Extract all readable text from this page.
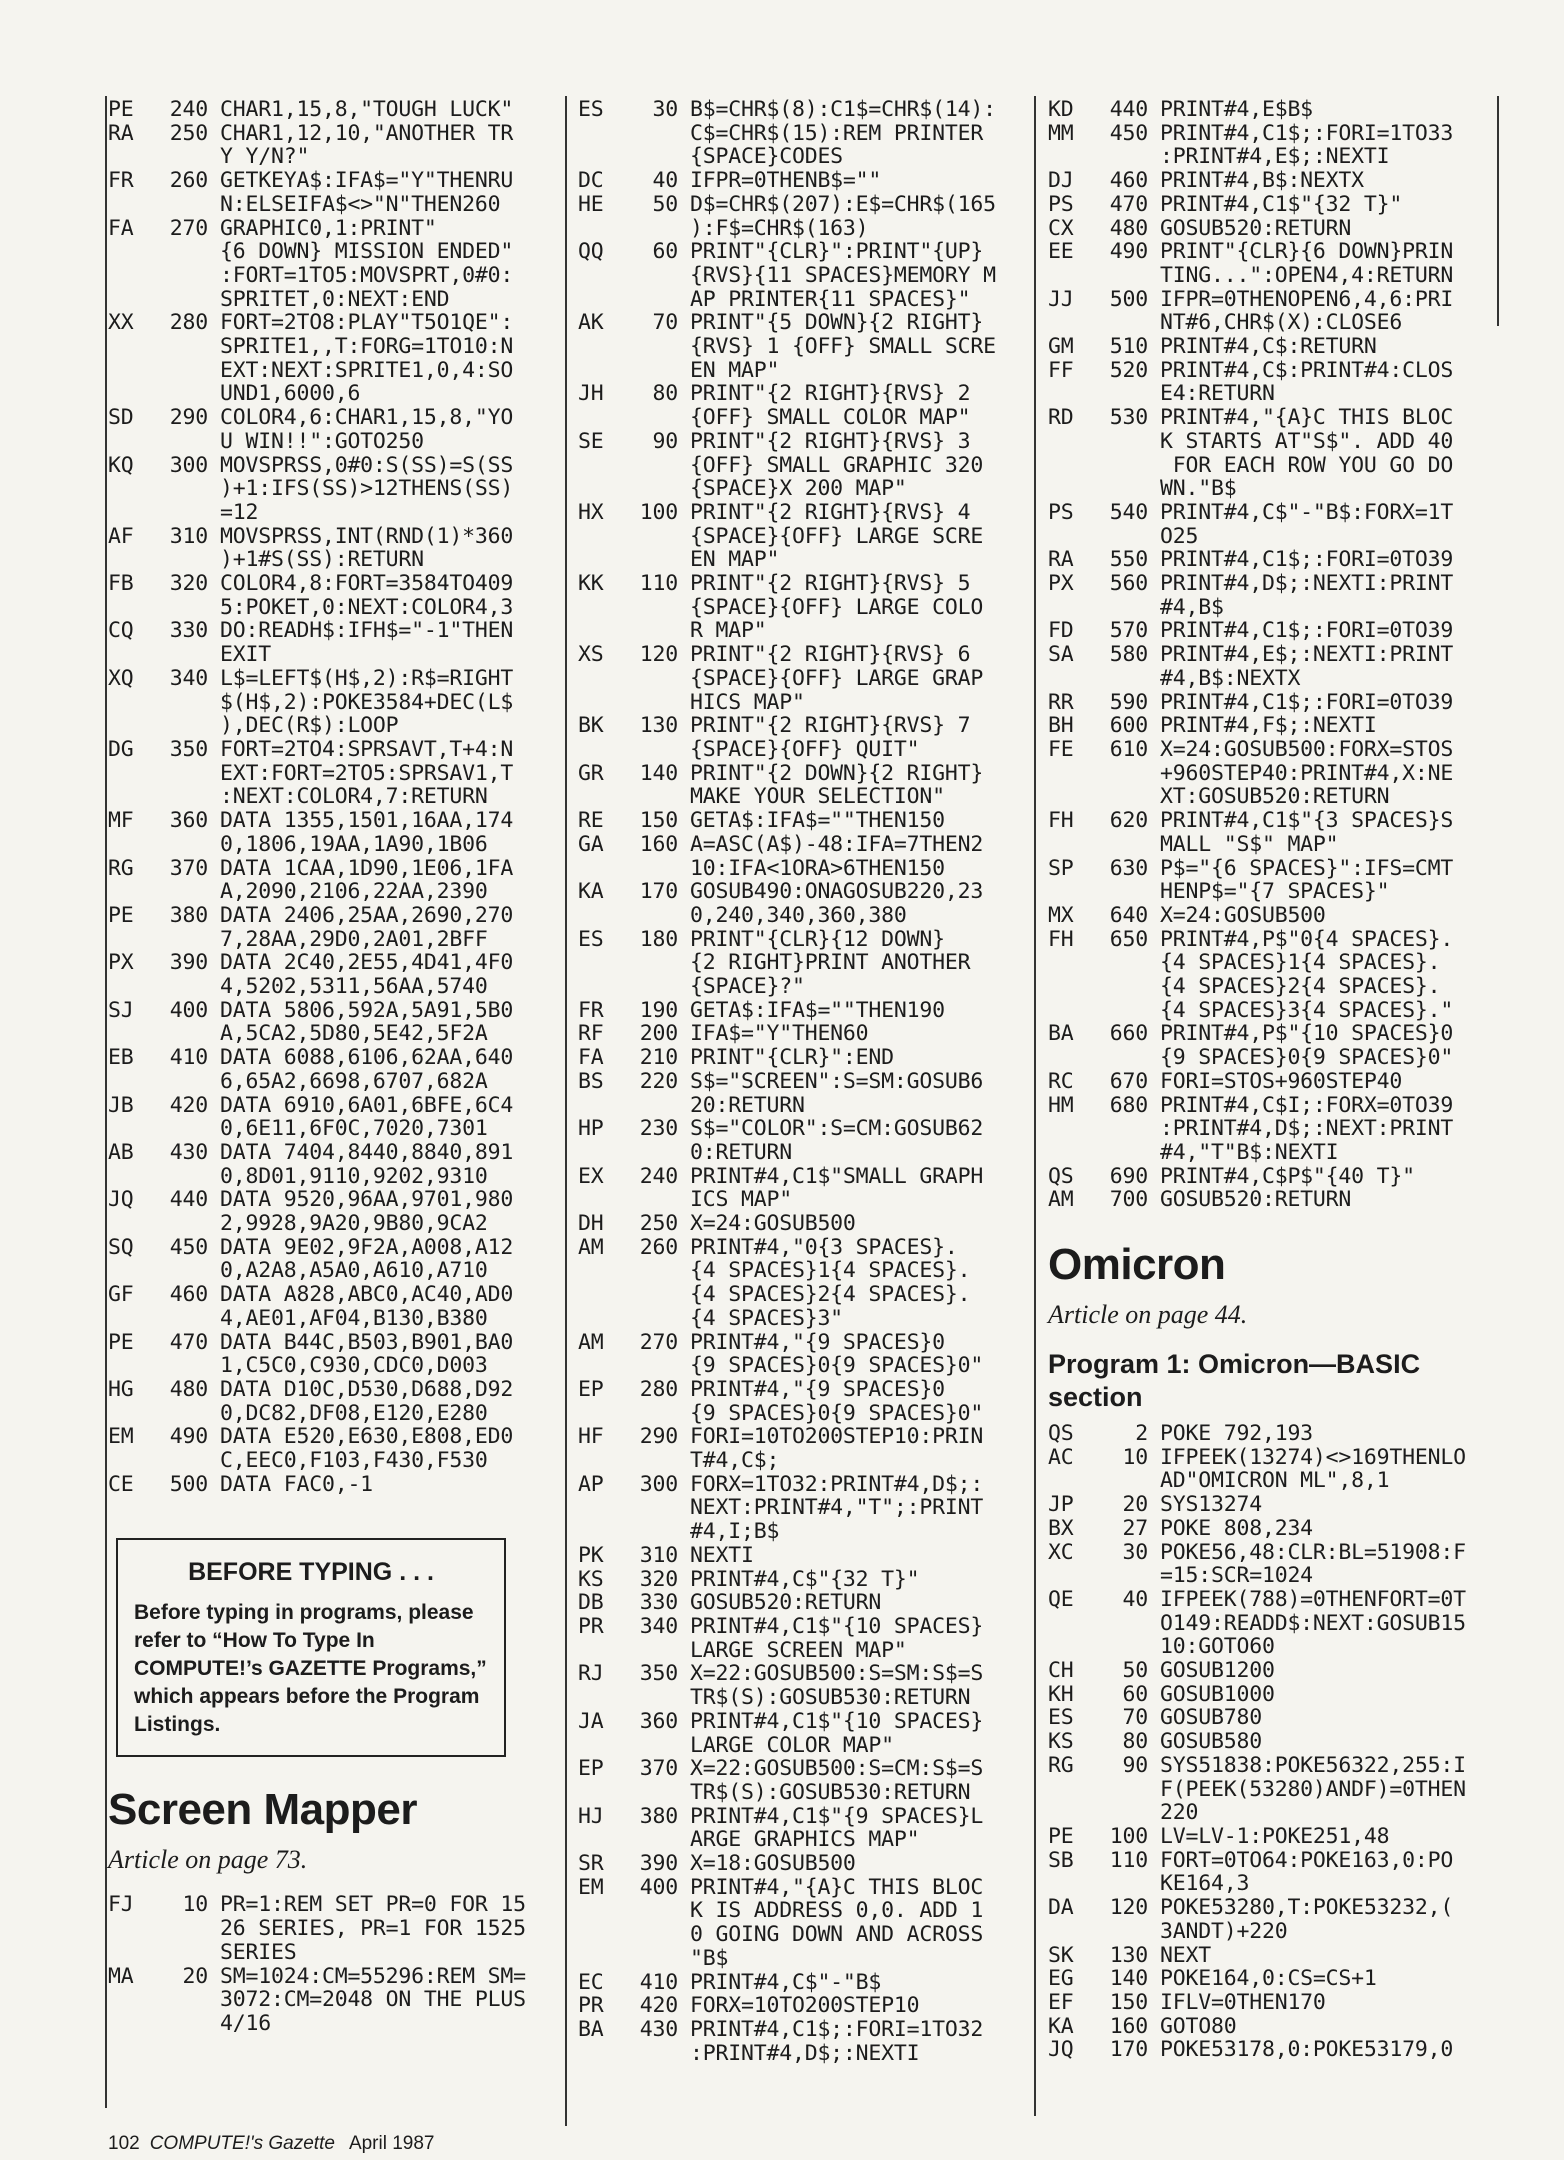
PE 240 CHAR1,15,8,"TOUGH LUCK"
RA 250 CHAR1,12,10,"ANOTHER TR
Y Y/N?"
FR 260 GETKEYA$:IFA$="Y"THENRU
N:ELSEIFA$<>"N"THEN260
FA 270 GRAPHIC0,1:PRINT"
{6 DOWN} MISSION ENDED"
:FORT=1TO5:MOVSPRT,0#0:
SPRITET,0:NEXT:END
XX 280 FORT=2TO8:PLAY"T5O1QE":
SPRITE1,,T:FORG=1TO10:N
EXT:NEXT:SPRITE1,0,4:SO
UND1,6000,6
SD 290 COLOR4,6:CHAR1,15,8,"YO
U WIN!!":GOTO250
KQ 300 MOVSPRSS,0#0:S(SS)=S(SS
)+1:IFS(SS)>12THENS(SS)
=12
AF 310 MOVSPRSS,INT(RND(1)*360
)+1#S(SS):RETURN
FB 320 COLOR4,8:FORT=3584TO409
5:POKET,0:NEXT:COLOR4,3
CQ 330 DO:READH$:IFH$="-1"THEN
EXIT
XQ 340 L$=LEFT$(H$,2):R$=RIGHT
$(H$,2):POKE3584+DEC(L$
),DEC(R$):LOOP
DG 350 FORT=2TO4:SPRSAVT,T+4:N
EXT:FORT=2TO5:SPRSAV1,T
:NEXT:COLOR4,7:RETURN
MF 360 DATA 1355,1501,16AA,174
0,1806,19AA,1A90,1B06
RG 370 DATA 1CAA,1D90,1E06,1FA
A,2090,2106,22AA,2390
PE 380 DATA 2406,25AA,2690,270
7,28AA,29D0,2A01,2BFF
PX 390 DATA 2C40,2E55,4D41,4F0
4,5202,5311,56AA,5740
SJ 400 DATA 5806,592A,5A91,5B0
A,5CA2,5D80,5E42,5F2A
EB 410 DATA 6088,6106,62AA,640
6,65A2,6698,6707,682A
JB 420 DATA 6910,6A01,6BFE,6C4
0,6E11,6F0C,7020,7301
AB 430 DATA 7404,8440,8840,891
0,8D01,9110,9202,9310
JQ 440 DATA 9520,96AA,9701,980
2,9928,9A20,9B80,9CA2
SQ 450 DATA 9E02,9F2A,A008,A12
0,A2A8,A5A0,A610,A710
GF 460 DATA A828,ABC0,AC40,AD0
4,AE01,AF04,B130,B380
PE 470 DATA B44C,B503,B901,BA0
1,C5C0,C930,CDC0,D003
HG 480 DATA D10C,D530,D688,D92
0,DC82,DF08,E120,E280
EM 490 DATA E520,E630,E808,ED0
C,EEC0,F103,F430,F530
CE 500 DATA FAC0,-1
BEFORE TYPING . . .
Before typing in programs, please refer to “How To Type In COMPUTE!’s GAZETTE Programs,” which appears before the Program Listings.
Screen Mapper
Article on page 73.
FJ 10 PR=1:REM SET PR=0 FOR 15
26 SERIES, PR=1 FOR 1525
SERIES
MA 20 SM=1024:CM=55296:REM SM=
3072:CM=2048 ON THE PLUS
4/16
ES 30 B$=CHR$(8):C1$=CHR$(14):
C$=CHR$(15):REM PRINTER
{SPACE}CODES
DC 40 IFPR=0THENB$=""
HE 50 D$=CHR$(207):E$=CHR$(165
):F$=CHR$(163)
QQ 60 PRINT"{CLR}":PRINT"{UP}
{RVS}{11 SPACES}MEMORY M
AP PRINTER{11 SPACES}"
AK 70 PRINT"{5 DOWN}{2 RIGHT}
{RVS} 1 {OFF} SMALL SCRE
EN MAP"
JH 80 PRINT"{2 RIGHT}{RVS} 2
{OFF} SMALL COLOR MAP"
SE 90 PRINT"{2 RIGHT}{RVS} 3
{OFF} SMALL GRAPHIC 320
{SPACE}X 200 MAP"
HX 100 PRINT"{2 RIGHT}{RVS} 4
{SPACE}{OFF} LARGE SCRE
EN MAP"
KK 110 PRINT"{2 RIGHT}{RVS} 5
{SPACE}{OFF} LARGE COLO
R MAP"
XS 120 PRINT"{2 RIGHT}{RVS} 6
{SPACE}{OFF} LARGE GRAP
HICS MAP"
BK 130 PRINT"{2 RIGHT}{RVS} 7
{SPACE}{OFF} QUIT"
GR 140 PRINT"{2 DOWN}{2 RIGHT}
MAKE YOUR SELECTION"
RE 150 GETA$:IFA$=""THEN150
GA 160 A=ASC(A$)-48:IFA=7THEN2
10:IFA<1ORA>6THEN150
KA 170 GOSUB490:ONAGOSUB220,23
0,240,340,360,380
ES 180 PRINT"{CLR}{12 DOWN}
{2 RIGHT}PRINT ANOTHER
{SPACE}?"
FR 190 GETA$:IFA$=""THEN190
RF 200 IFA$="Y"THEN60
FA 210 PRINT"{CLR}":END
BS 220 S$="SCREEN":S=SM:GOSUB6
20:RETURN
HP 230 S$="COLOR":S=CM:GOSUB62
0:RETURN
EX 240 PRINT#4,C1$"SMALL GRAPH
ICS MAP"
DH 250 X=24:GOSUB500
AM 260 PRINT#4,"0{3 SPACES}.
{4 SPACES}1{4 SPACES}.
{4 SPACES}2{4 SPACES}.
{4 SPACES}3"
AM 270 PRINT#4,"{9 SPACES}0
{9 SPACES}0{9 SPACES}0"
EP 280 PRINT#4,"{9 SPACES}0
{9 SPACES}0{9 SPACES}0"
HF 290 FORI=10TO200STEP10:PRIN
T#4,C$;
AP 300 FORX=1TO32:PRINT#4,D$;:
NEXT:PRINT#4,"T";:PRINT
#4,I;B$
PK 310 NEXTI
KS 320 PRINT#4,C$"{32 T}"
DB 330 GOSUB520:RETURN
PR 340 PRINT#4,C1$"{10 SPACES}
LARGE SCREEN MAP"
RJ 350 X=22:GOSUB500:S=SM:S$=S
TR$(S):GOSUB530:RETURN
JA 360 PRINT#4,C1$"{10 SPACES}
LARGE COLOR MAP"
EP 370 X=22:GOSUB500:S=CM:S$=S
TR$(S):GOSUB530:RETURN
HJ 380 PRINT#4,C1$"{9 SPACES}L
ARGE GRAPHICS MAP"
SR 390 X=18:GOSUB500
EM 400 PRINT#4,"{A}C THIS BLOC
K IS ADDRESS 0,0. ADD 1
0 GOING DOWN AND ACROSS
"B$
EC 410 PRINT#4,C$"-"B$
PR 420 FORX=10TO200STEP10
BA 430 PRINT#4,C1$;:FORI=1TO32
:PRINT#4,D$;:NEXTI
KD 440 PRINT#4,E$B$
MM 450 PRINT#4,C1$;:FORI=1TO33
:PRINT#4,E$;:NEXTI
DJ 460 PRINT#4,B$:NEXTX
PS 470 PRINT#4,C1$"{32 T}"
CX 480 GOSUB520:RETURN
EE 490 PRINT"{CLR}{6 DOWN}PRIN
TING...":OPEN4,4:RETURN
JJ 500 IFPR=0THENOPEN6,4,6:PRI
NT#6,CHR$(X):CLOSE6
GM 510 PRINT#4,C$:RETURN
FF 520 PRINT#4,C$:PRINT#4:CLOS
E4:RETURN
RD 530 PRINT#4,"{A}C THIS BLOC
K STARTS AT"S$". ADD 40
FOR EACH ROW YOU GO DO
WN."B$
PS 540 PRINT#4,C$"-"B$:FORX=1T
O25
RA 550 PRINT#4,C1$;:FORI=0TO39
PX 560 PRINT#4,D$;:NEXTI:PRINT
#4,B$
FD 570 PRINT#4,C1$;:FORI=0TO39
SA 580 PRINT#4,E$;:NEXTI:PRINT
#4,B$:NEXTX
RR 590 PRINT#4,C1$;:FORI=0TO39
BH 600 PRINT#4,F$;:NEXTI
FE 610 X=24:GOSUB500:FORX=STOS
+960STEP40:PRINT#4,X:NE
XT:GOSUB520:RETURN
FH 620 PRINT#4,C1$"{3 SPACES}S
MALL "S$" MAP"
SP 630 P$="{6 SPACES}":IFS=CMT
HENP$="{7 SPACES}"
MX 640 X=24:GOSUB500
FH 650 PRINT#4,P$"0{4 SPACES}.
{4 SPACES}1{4 SPACES}.
{4 SPACES}2{4 SPACES}.
{4 SPACES}3{4 SPACES}."
BA 660 PRINT#4,P$"{10 SPACES}0
{9 SPACES}0{9 SPACES}0"
RC 670 FORI=STOS+960STEP40
HM 680 PRINT#4,C$I;:FORX=0TO39
:PRINT#4,D$;:NEXT:PRINT
#4,"T"B$:NEXTI
QS 690 PRINT#4,C$P$"{40 T}"
AM 700 GOSUB520:RETURN
Omicron
Article on page 44.
Program 1: Omicron—BASIC section
QS	2 POKE 792,193
AC 10 IFPEEK(13274)<>169THENLO
AD"OMICRON ML",8,1
JP 20 SYS13274
BX 27 POKE 808,234
XC 30 POKE56,48:CLR:BL=51908:F
=15:SCR=1024
QE 40 IFPEEK(788)=0THENFORT=0T
O149:READD$:NEXT:GOSUB15
10:GOTO60
CH 50 GOSUB1200
KH 60 GOSUB1000
ES 70 GOSUB780
KS 80 GOSUB580
RG 90 SYS51838:POKE56322,255:I
F(PEEK(53280)ANDF)=0THEN
220
PE 100 LV=LV-1:POKE251,48
SB 110 FORT=0TO64:POKE163,0:PO
KE164,3
DA 120 POKE53280,T:POKE53232,(
3ANDT)+220
SK 130 NEXT
EG 140 POKE164,0:CS=CS+1
EF 150 IFLV=0THEN170
KA 160 GOTO80
JQ 170 POKE53178,0:POKE53179,0
102 COMPUTE!'s Gazette April 1987
